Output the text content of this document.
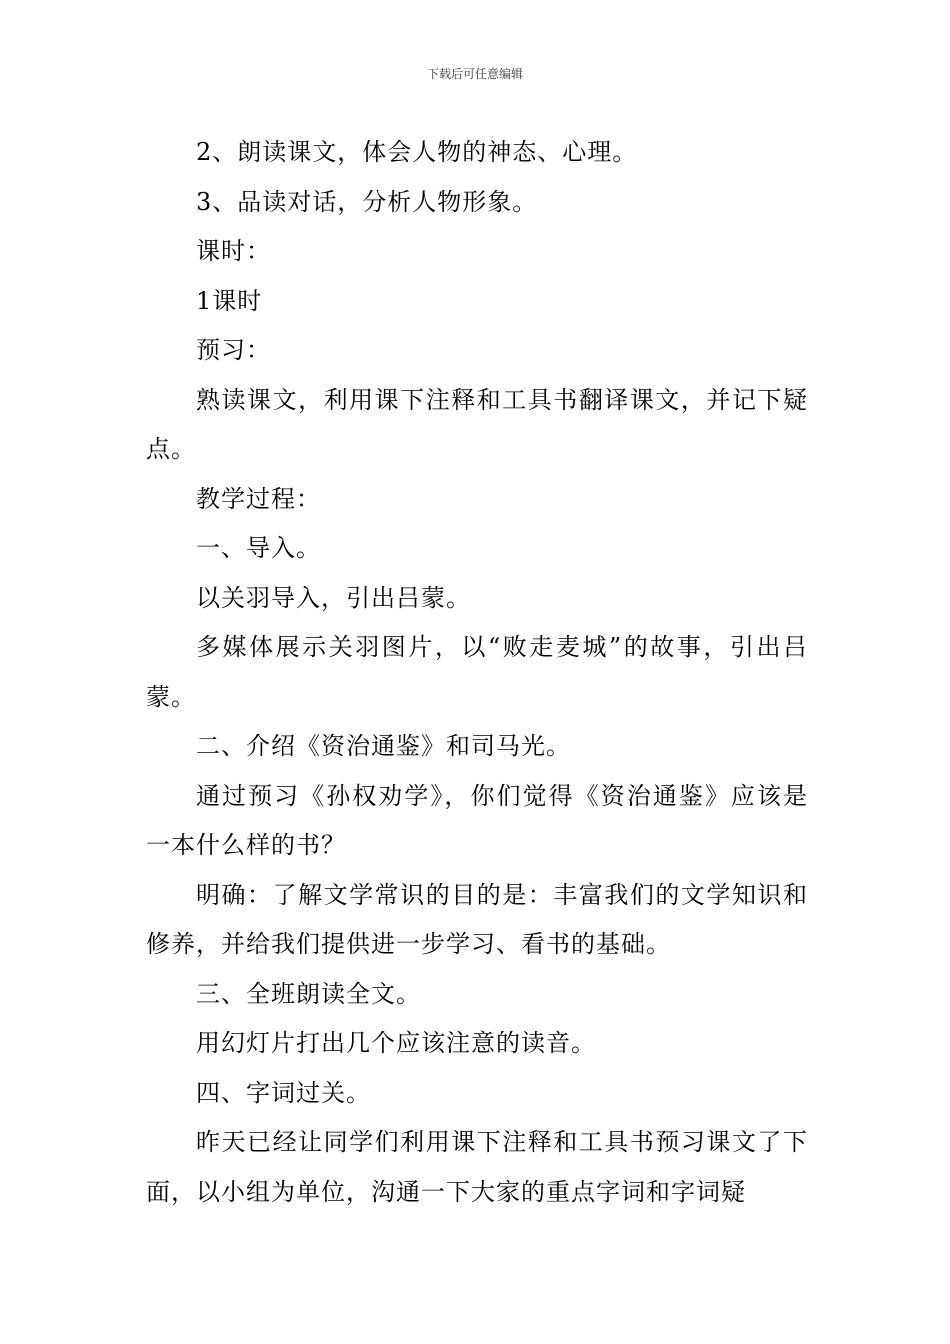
下载后可任意编辑

2、朗读课文，体会人物的神态、心理。

3、品读对话，分析人物形象。

课时：

1课时

预习：

熟读课文，利用课下注释和工具书翻译课文，并记下疑点。

教学过程：

一、导入。

以关羽导入，引出吕蒙。

多媒体展示关羽图片，以“败走麦城”的故事，引出吕蒙。

二、介绍《资治通鉴》和司马光。

通过预习《孙权劝学》，你们觉得《资治通鉴》应该是一本什么样的书？

明确：了解文学常识的目的是：丰富我们的文学知识和修养，并给我们提供进一步学习、看书的基础。

三、全班朗读全文。

用幻灯片打出几个应该注意的读音。

四、字词过关。

昨天已经让同学们利用课下注释和工具书预习课文了下面，以小组为单位，沟通一下大家的重点字词和字词疑
